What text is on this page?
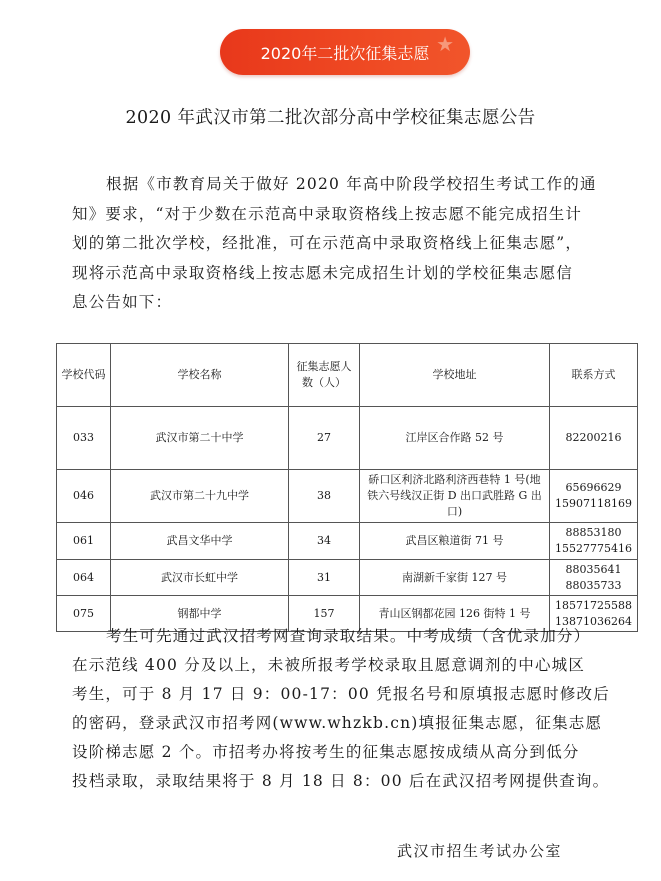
2020年二批次征集志愿 ★
2020 年武汉市第二批次部分高中学校征集志愿公告
根据《市教育局关于做好 2020 年高中阶段学校招生考试工作的通
知》要求，“对于少数在示范高中录取资格线上按志愿不能完成招生计
划的第二批次学校，经批准，可在示范高中录取资格线上征集志愿”，
现将示范高中录取资格线上按志愿未完成招生计划的学校征集志愿信
息公告如下：
学校代码	学校名称	征集志愿人数（人）	学校地址	联系方式
033	武汉市第二十中学	27	江岸区合作路 52 号	82200216

046	武汉市第二十九中学	38	硚口区利济北路利济西巷特 1 号(地铁六号线汉正街 D 出口武胜路 G 出口)	65696629
15907118169

061	武昌文华中学	34	武昌区粮道街 71 号	88853180
15527775416

064	武汉市长虹中学	31	南湖新千家街 127 号	88035641
88035733

075	钢都中学	157	青山区钢都花园 126 街特 1 号	18571725588
13871036264
考生可先通过武汉招考网查询录取结果。中考成绩（含优录加分）
在示范线 400 分及以上，未被所报考学校录取且愿意调剂的中心城区
考生，可于 8 月 17 日 9：00-17：00 凭报名号和原填报志愿时修改后
的密码，登录武汉市招考网(www.whzkb.cn)填报征集志愿，征集志愿
设阶梯志愿 2 个。市招考办将按考生的征集志愿按成绩从高分到低分
投档录取，录取结果将于 8 月 18 日 8：00 后在武汉招考网提供查询。
武汉市招生考试办公室
